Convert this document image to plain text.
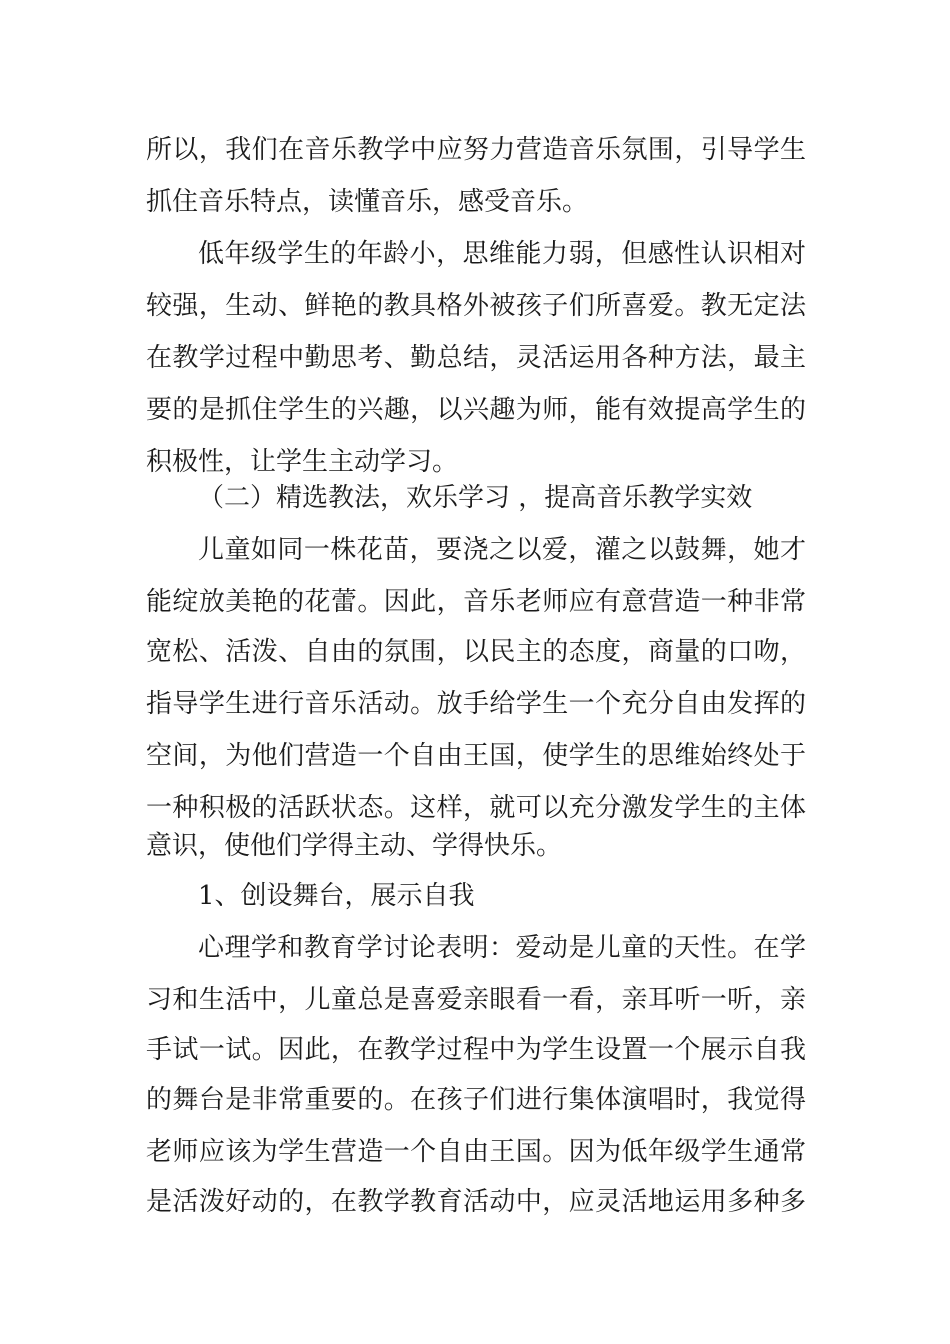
所以，我们在音乐教学中应努力营造音乐氛围，引导学生
抓住音乐特点，读懂音乐，感受音乐。
低年级学生的年龄小，思维能力弱，但感性认识相对
较强，生动、鲜艳的教具格外被孩子们所喜爱。教无定法
在教学过程中勤思考、勤总结，灵活运用各种方法，最主
要的是抓住学生的兴趣，以兴趣为师，能有效提高学生的
积极性，让学生主动学习。
（二）精选教法，欢乐学习 ，提高音乐教学实效
儿童如同一株花苗，要浇之以爱，灌之以鼓舞，她才
能绽放美艳的花蕾。因此，音乐老师应有意营造一种非常
宽松、活泼、自由的氛围，以民主的态度，商量的口吻，
指导学生进行音乐活动。放手给学生一个充分自由发挥的
空间，为他们营造一个自由王国，使学生的思维始终处于
一种积极的活跃状态。这样，就可以充分激发学生的主体
意识，使他们学得主动、学得快乐。
1、创设舞台，展示自我
心理学和教育学讨论表明：爱动是儿童的天性。在学
习和生活中，儿童总是喜爱亲眼看一看，亲耳听一听，亲
手试一试。因此，在教学过程中为学生设置一个展示自我
的舞台是非常重要的。在孩子们进行集体演唱时，我觉得
老师应该为学生营造一个自由王国。因为低年级学生通常
是活泼好动的，在教学教育活动中，应灵活地运用多种多
